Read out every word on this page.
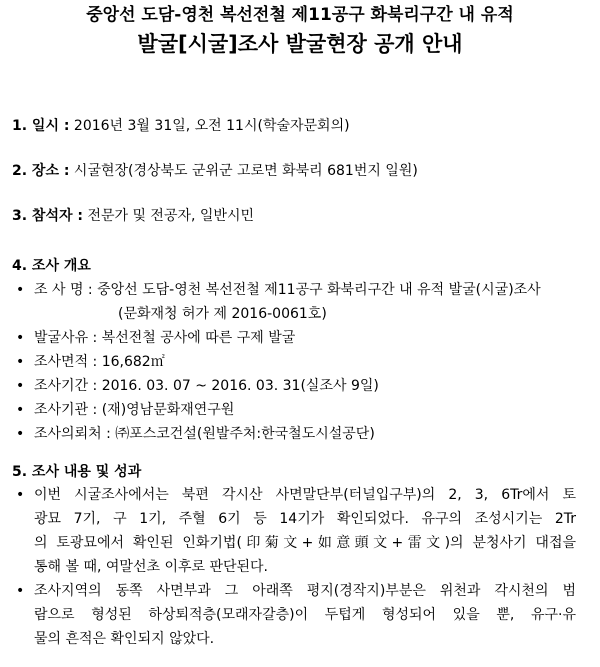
중앙선 도담-영천 복선전철 제11공구 화북리구간 내 유적
발굴[시굴]조사 발굴현장 공개 안내
1. 일시 : 2016년 3월 31일, 오전 11시(학술자문회의)
2. 장소 : 시굴현장(경상북도 군위군 고로면 화북리 681번지 일원)
3. 참석자 : 전문가 및 전공자, 일반시민
4. 조사 개요
• 조 사 명 : 중앙선 도담-영천 복선전철 제11공구 화북리구간 내 유적 발굴(시굴)조사
(문화재청 허가 제 2016-0061호)
• 발굴사유 : 복선전철 공사에 따른 구제 발굴
• 조사면적 : 16,682㎡
• 조사기간 : 2016. 03. 07 ~ 2016. 03. 31(실조사 9일)
• 조사기관 : (재)영남문화재연구원
• 조사의뢰처 : ㈜포스코건설(원발주처:한국철도시설공단)
5. 조사 내용 및 성과
• 이번 시굴조사에서는 북편 각시산 사면말단부(터널입구부)의 2, 3, 6Tr에서 토
광묘 7기, 구 1기, 주혈 6기 등 14기가 확인되었다. 유구의 조성시기는 2Tr
의 토광묘에서 확인된 인화기법(印菊文+如意頭文+雷文)의 분청사기 대접을
통해 볼 때, 여말선초 이후로 판단된다.
• 조사지역의 동쪽 사면부과 그 아래쪽 평지(경작지)부분은 위천과 각시천의 범
람으로 형성된 하상퇴적층(모래자갈층)이 두텁게 형성되어 있을 뿐, 유구·유
물의 흔적은 확인되지 않았다.
